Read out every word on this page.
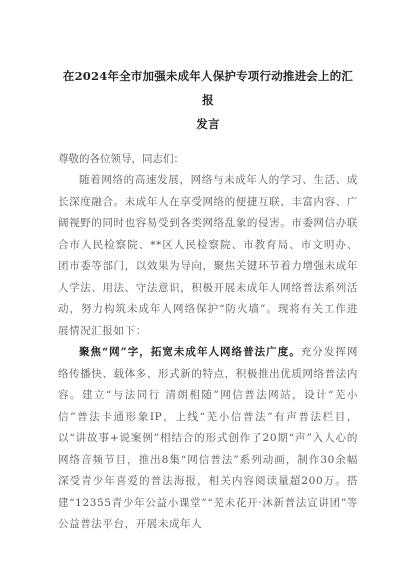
在2024年全市加强未成年人保护专项行动推进会上的汇报
发言

尊敬的各位领导，同志们：

随着网络的高速发展，网络与未成年人的学习、生活、成长深度融合。未成年人在享受网络的便捷互联、丰富内容、广阔视野的同时也容易受到各类网络乱象的侵害。市委网信办联合市人民检察院、**区人民检察院、市教育局、市文明办、团市委等部门，以效果为导向，聚焦关键环节着力增强未成年人学法、用法、守法意识，积极开展未成年人网络普法系列活动，努力构筑未成年人网络保护“防火墙”。现将有关工作进展情况汇报如下：

聚焦“网”字，拓宽未成年人网络普法广度。充分发挥网络传播快、载体多、形式新的特点，积极推出优质网络普法内容。建立“与法同行 清朗相随”网信普法网站，设计“芜小信”普法卡通形象IP，上线“芜小信普法”有声普法栏目，以“讲故事+说案例”相结合的形式创作了20期“声”入人心的网络音频节目，推出8集“网信普法”系列动画，制作30余幅深受青少年喜爱的普法海报，相关内容阅读量超200万。搭建“12355青少年公益小课堂”“芜未花开·沐新普法宣讲团”等公益普法平台，开展未成年人
